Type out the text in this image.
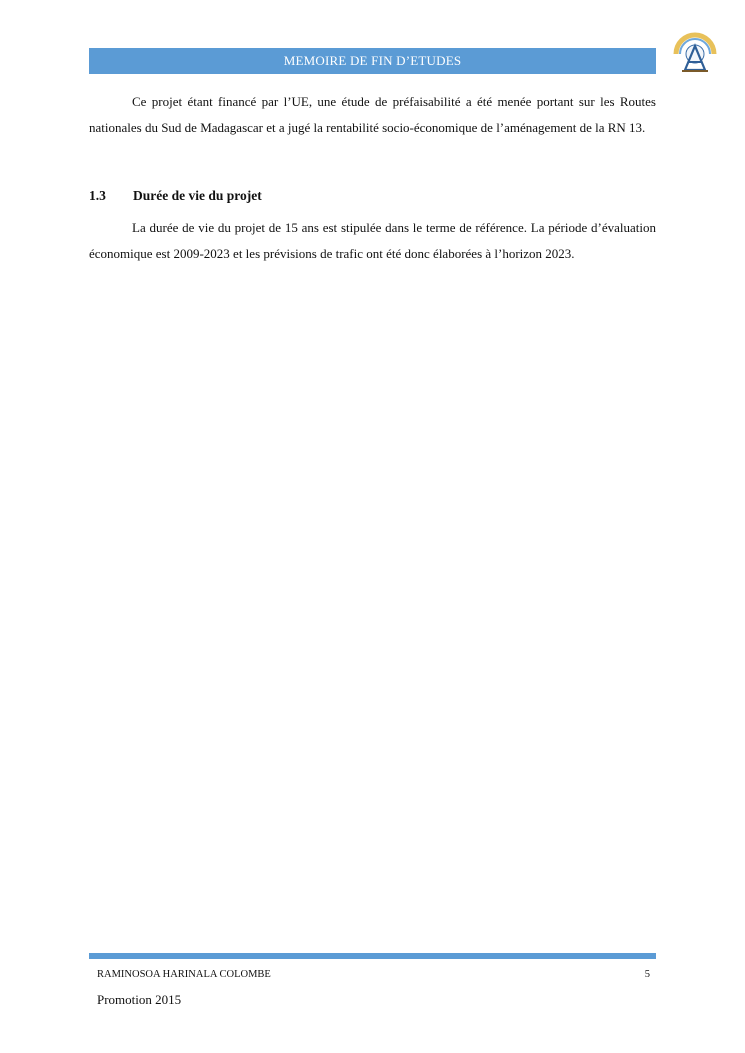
MEMOIRE DE FIN D’ETUDES

Ce projet étant financé par l’UE, une étude de préfaisabilité a été menée portant sur les Routes nationales du Sud de Madagascar et a jugé la rentabilité socio-économique de l’aménagement de la RN 13.

1.3 Durée de vie du projet

La durée de vie du projet de 15 ans est stipulée dans le terme de référence. La période d’évaluation économique est 2009-2023 et les prévisions de trafic ont été donc élaborées à l’horizon 2023.

RAMINOSOA HARINALA COLOMBE	5
Promotion 2015
